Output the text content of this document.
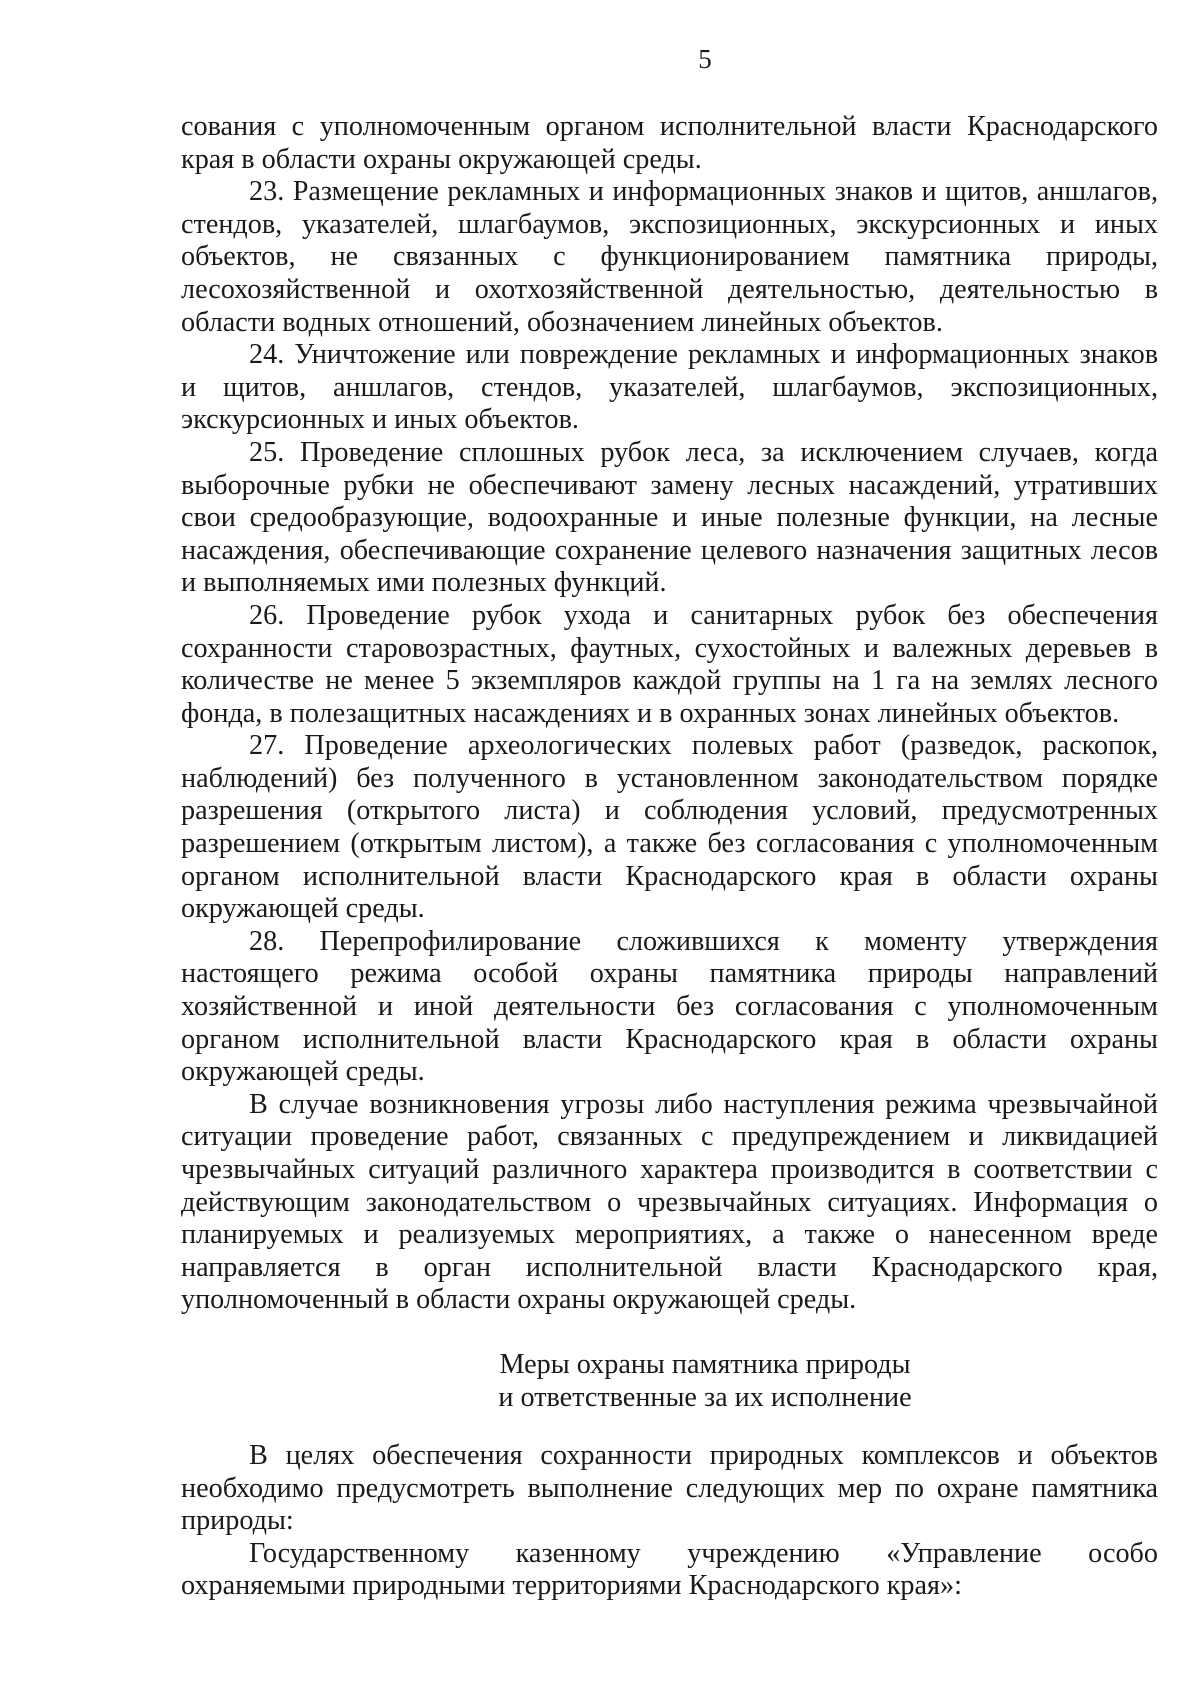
5

сования с уполномоченным органом исполнительной власти Краснодарского края в области охраны окружающей среды.

23. Размещение рекламных и информационных знаков и щитов, аншлагов, стендов, указателей, шлагбаумов, экспозиционных, экскурсионных и иных объектов, не связанных с функционированием памятника природы, лесохозяйственной и охотхозяйственной деятельностью, деятельностью в области водных отношений, обозначением линейных объектов.

24. Уничтожение или повреждение рекламных и информационных знаков и щитов, аншлагов, стендов, указателей, шлагбаумов, экспозиционных, экскурсионных и иных объектов.

25. Проведение сплошных рубок леса, за исключением случаев, когда выборочные рубки не обеспечивают замену лесных насаждений, утративших свои средообразующие, водоохранные и иные полезные функции, на лесные насаждения, обеспечивающие сохранение целевого назначения защитных лесов и выполняемых ими полезных функций.

26. Проведение рубок ухода и санитарных рубок без обеспечения сохранности старовозрастных, фаутных, сухостойных и валежных деревьев в количестве не менее 5 экземпляров каждой группы на 1 га на землях лесного фонда, в полезащитных насаждениях и в охранных зонах линейных объектов.

27. Проведение археологических полевых работ (разведок, раскопок, наблюдений) без полученного в установленном законодательством порядке разрешения (открытого листа) и соблюдения условий, предусмотренных разрешением (открытым листом), а также без согласования с уполномоченным органом исполнительной власти Краснодарского края в области охраны окружающей среды.

28. Перепрофилирование сложившихся к моменту утверждения настоящего режима особой охраны памятника природы направлений хозяйственной и иной деятельности без согласования с уполномоченным органом исполнительной власти Краснодарского края в области охраны окружающей среды.

В случае возникновения угрозы либо наступления режима чрезвычайной ситуации проведение работ, связанных с предупреждением и ликвидацией чрезвычайных ситуаций различного характера производится в соответствии с действующим законодательством о чрезвычайных ситуациях. Информация о планируемых и реализуемых мероприятиях, а также о нанесенном вреде направляется в орган исполнительной власти Краснодарского края, уполномоченный в области охраны окружающей среды.

Меры охраны памятника природы
и ответственные за их исполнение

В целях обеспечения сохранности природных комплексов и объектов необходимо предусмотреть выполнение следующих мер по охране памятника природы:

Государственному казенному учреждению «Управление особо охраняемыми природными территориями Краснодарского края»:
